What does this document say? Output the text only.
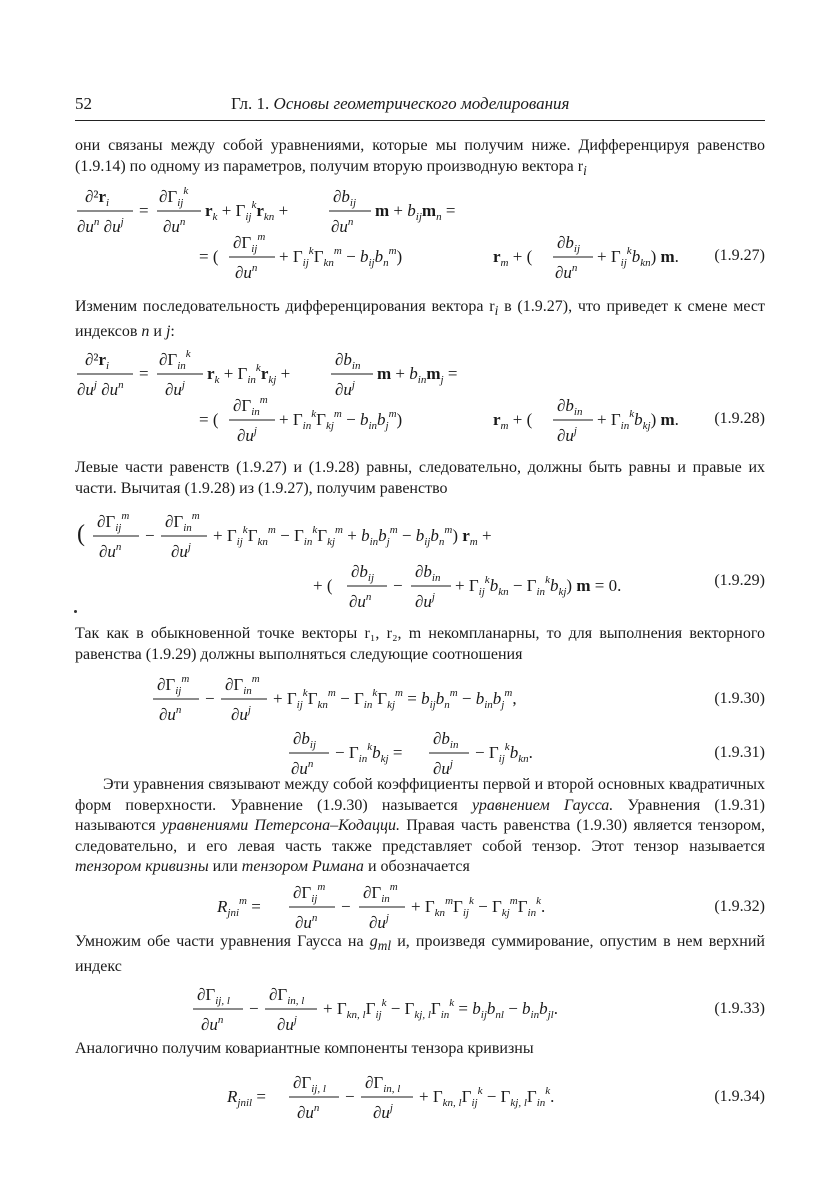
52	Гл. 1. Основы геометрического моделирования
они связаны между собой уравнениями, которые мы получим ниже. Дифференцируя равенство (1.9.14) по одному из параметров, получим вторую производную вектора $r_i$
$\partial^2r_i$
$\partial u^n$ $\partial u^j$
=
$\partial\Gamma_{ij}^k$
$\partial u^n$
$r_k + \Gamma_{ij}^kr_{kn}$ +
$\partial b_{ij}$
$\partial u^n$
$m + b_{ij}m_n$ =
= (
$\partial\Gamma_{ij}^m$
$\partial u^n$
+ $\Gamma_{ij}^k\Gamma_{kn}^m - b_{ij}b_n^m$)	$r_m$ + (
$\partial b_{ij}$
$\partial u^n$
+ $\Gamma_{ij}^kb_{kn}$) m. (1.9.27)
Изменим последовательность дифференцирования вектора $r_i$ в (1.9.27), что приведет к смене мест индексов n и j:
$\partial^2r_i$
$\partial u^j$ $\partial u^n$
=
$\partial\Gamma_{in}^k$
$\partial u^j$
$r_k + \Gamma_{in}^kr_{kj}$ +
$\partial b_{in}$
$\partial u^j$
$m + b_{in}m_j$ =
= (
$\partial\Gamma_{in}^m$
$\partial u^j$
+ $\Gamma_{in}^k\Gamma_{kj}^m - b_{in}b_j^m$)	$r_m$ + (
$\partial b_{in}$
$\partial u^j$
+ $\Gamma_{in}^kb_{kj}$) m. (1.9.28)
Левые части равенств (1.9.27) и (1.9.28) равны, следовательно, должны быть равны и правые их части. Вычитая (1.9.28) из (1.9.27), получим равенство
( $\partial\Gamma_{ij}^m$
$\partial u^n$
−
$\partial\Gamma_{in}^m$
$\partial u^j$
+ $\Gamma_{ij}^k\Gamma_{kn}^m - \Gamma_{in}^k\Gamma_{kj}^m + b_{in}b_j^m - b_{ij}b_n^m$) $r_m$ +
+ (
$\partial b_{ij}$
$\partial u^n$
−
$\partial b_{in}$
$\partial u^j$
+ $\Gamma_{ij}^kb_{kn} - \Gamma_{in}^kb_{kj}$) m = 0.	(1.9.29)
Так как в обыкновенной точке векторы r₁, r₂, m некомпланарны, то для выполнения векторного равенства (1.9.29) должны выполняться следующие соотношения
$\partial\Gamma_{ij}^m$
$\partial u^n$
−
$\partial\Gamma_{in}^m$
$\partial u^j$
+ $\Gamma_{ij}^k\Gamma_{kn}^m - \Gamma_{in}^k\Gamma_{kj}^m = b_{ij}b_n^m - b_{in}b_j^m$,	(1.9.30)
$\partial b_{ij}$
$\partial u^n$
− $\Gamma_{in}^kb_{kj}$ =
$\partial b_{in}$
$\partial u^j$
− $\Gamma_{ij}^kb_{kn}$.	(1.9.31)
Эти уравнения связывают между собой коэффициенты первой и второй основных квадратичных форм поверхности. Уравнение (1.9.30) называется уравнением Гаусса. Уравнения (1.9.31) называются уравнениями Петерсона–Кодацци. Правая часть равенства (1.9.30) является тензором, следовательно, и его левая часть также представляет собой тензор. Этот тензор называется тензором кривизны или тензором Римана и обозначается
$R_{jni}^m$ =
$\partial\Gamma_{ij}^m$
$\partial u^n$
−
$\partial\Gamma_{in}^m$
$\partial u^j$
+ $\Gamma_{kn}^m\Gamma_{ij}^k - \Gamma_{kj}^m\Gamma_{in}^k$.	(1.9.32)
Умножим обе части уравнения Гаусса на $g_{ml}$ и, произведя суммирование, опустим в нем верхний индекс
$\partial\Gamma_{ij, l}$
$\partial u^n$
−
$\partial\Gamma_{in, l}$
$\partial u^j$
+ $\Gamma_{kn, l}\Gamma_{ij}^k - \Gamma_{kj, l}\Gamma_{in}^k = b_{ij}b_{nl} - b_{in}b_{jl}$.	(1.9.33)
Аналогично получим ковариантные компоненты тензора кривизны
$R_{jnil}$ =
$\partial\Gamma_{ij, l}$
$\partial u^n$
−
$\partial\Gamma_{in, l}$
$\partial u^j$
+ $\Gamma_{kn, l}\Gamma_{ij}^k - \Gamma_{kj, l}\Gamma_{in}^k$.	(1.9.34)
